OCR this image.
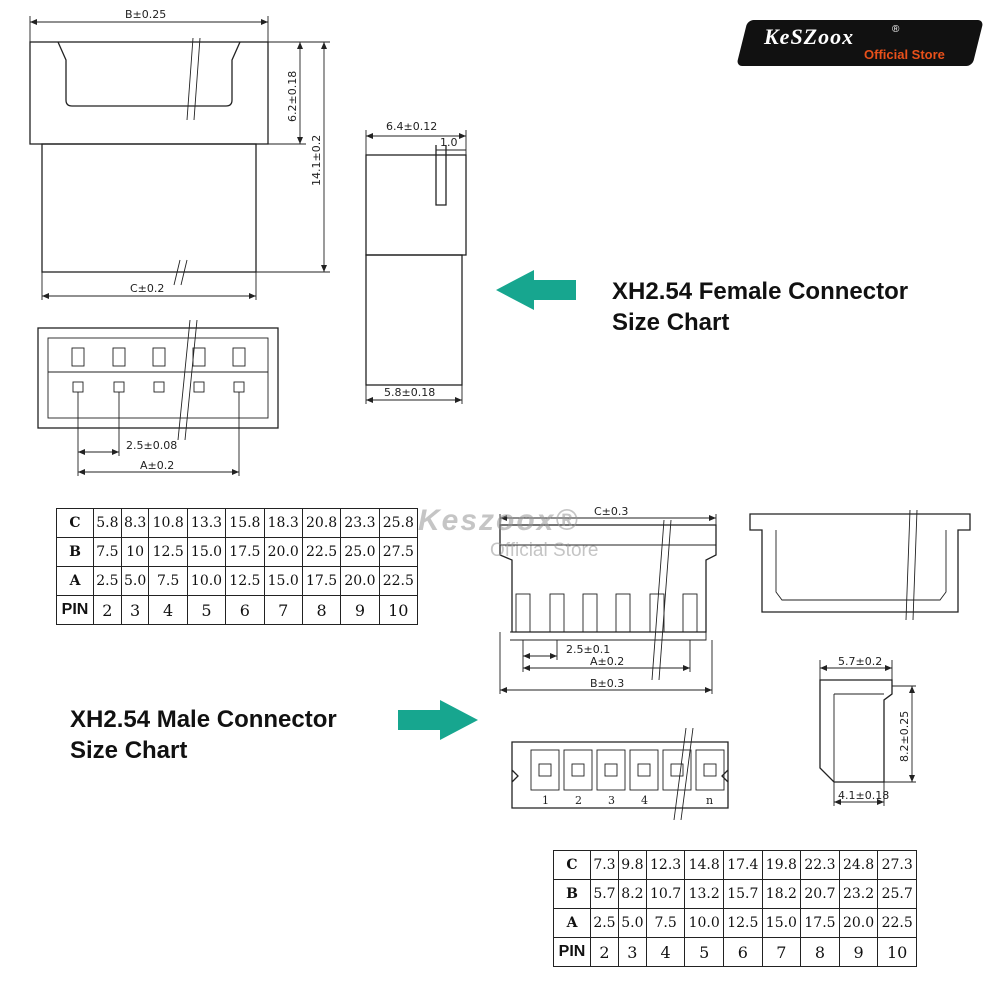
B±0.25
6.2±0.18
14.1±0.2
C±0.2
6.4±0.12
1.0
5.8±0.18
2.5±0.08
A±0.2
C±0.3
2.5±0.1
A±0.2
B±0.3
5.7±0.2
8.2±0.25
4.1±0.18
1 2 3 4	n
KeSZoox	®
Official Store
XH2.54 Female Connector
Size Chart
XH2.54 Male Connector
Size Chart
C	5.8	8.3	10.8	13.3	15.8	18.3	20.8	23.3	25.8
B	7.5	10	12.5	15.0	17.5	20.0	22.5	25.0	27.5
A	2.5	5.0	7.5	10.0	12.5	15.0	17.5	20.0	22.5
PIN	2	3	4	5	6	7	8	9	10
C	7.3	9.8	12.3	14.8	17.4	19.8	22.3	24.8	27.3
B	5.7	8.2	10.7	13.2	15.7	18.2	20.7	23.2	25.7
A	2.5	5.0	7.5	10.0	12.5	15.0	17.5	20.0	22.5
PIN	2	3	4	5	6	7	8	9	10
Keszoox®
Official Store
